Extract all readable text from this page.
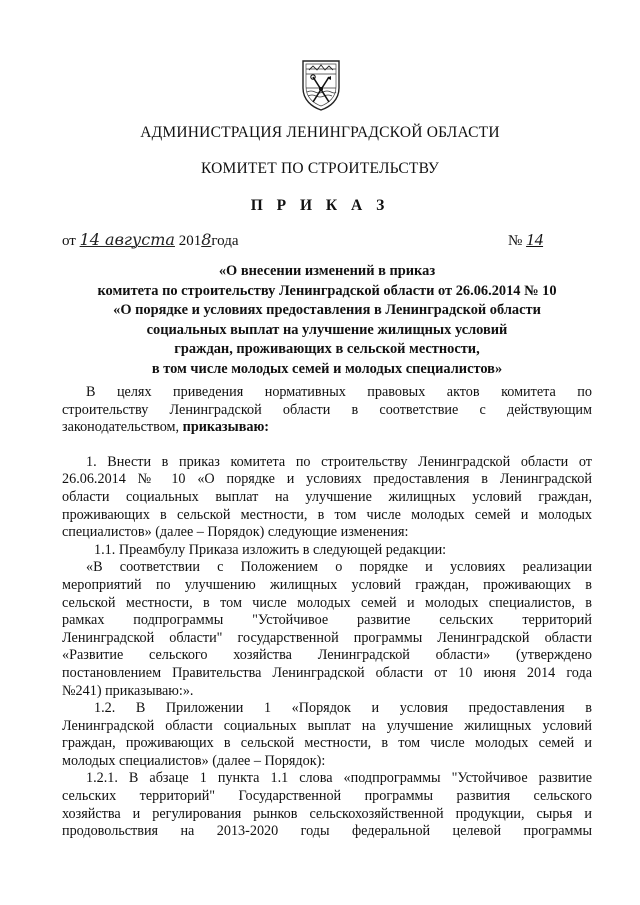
АДМИНИСТРАЦИЯ ЛЕНИНГРАДСКОЙ ОБЛАСТИ
КОМИТЕТ ПО СТРОИТЕЛЬСТВУ
П Р И К А З
от 14 августа 2018года	№ 14
«О внесении изменений в приказ
комитета по строительству Ленинградской области от 26.06.2014 № 10
«О порядке и условиях предоставления в Ленинградской области
социальных выплат на улучшение жилищных условий
граждан, проживающих в сельской местности,
в том числе молодых семей и молодых специалистов»
В целях приведения нормативных правовых актов комитета по
строительству Ленинградской области в соответствие с действующим
законодательством, приказываю:
1. Внести в приказ комитета по строительству Ленинградской области от
26.06.2014 № 10 «О порядке и условиях предоставления в Ленинградской
области социальных выплат на улучшение жилищных условий граждан,
проживающих в сельской местности, в том числе молодых семей и молодых
специалистов» (далее – Порядок) следующие изменения:
1.1. Преамбулу Приказа изложить в следующей редакции:
«В соответствии с Положением о порядке и условиях реализации
мероприятий по улучшению жилищных условий граждан, проживающих в
сельской местности, в том числе молодых семей и молодых специалистов, в
рамках подпрограммы "Устойчивое развитие сельских территорий
Ленинградской области" государственной программы Ленинградской области
«Развитие сельского хозяйства Ленинградской области» (утверждено
постановлением Правительства Ленинградской области от 10 июня 2014 года
№241) приказываю:».
1.2. В Приложении 1 «Порядок и условия предоставления в
Ленинградской области социальных выплат на улучшение жилищных условий
граждан, проживающих в сельской местности, в том числе молодых семей и
молодых специалистов» (далее – Порядок):
1.2.1. В абзаце 1 пункта 1.1 слова «подпрограммы "Устойчивое развитие
сельских территорий" Государственной программы развития сельского
хозяйства и регулирования рынков сельскохозяйственной продукции, сырья и
продовольствия на 2013-2020 годы федеральной целевой программы
